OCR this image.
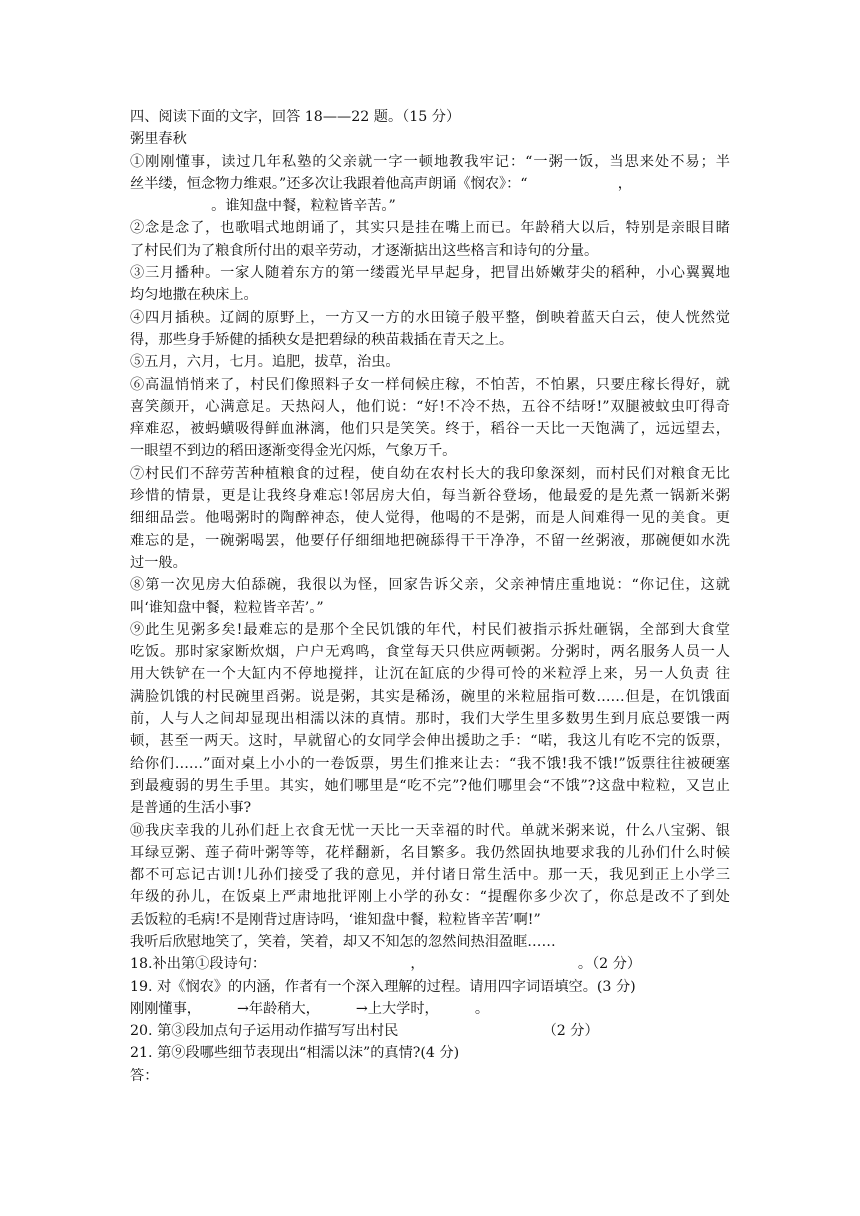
四、阅读下面的文字，回答 18——22 题。（15 分）
粥里春秋
①刚刚懂事，读过几年私塾的父亲就一字一顿地教我牢记：“一粥一饭，当思来处不易；半
丝半缕，恒念物力维艰。”还多次让我跟着他高声朗诵《悯农》：“                    ，
。谁知盘中餐，粒粒皆辛苦。”
②念是念了，也歌唱式地朗诵了，其实只是挂在嘴上而已。年龄稍大以后，特别是亲眼目睹
了村民们为了粮食所付出的艰辛劳动，才逐渐掂出这些格言和诗句的分量。
③三月播种。一家人随着东方的第一缕霞光早早起身，把冒出娇嫩芽尖的稻种，小心翼翼地
均匀地撒在秧床上。
④四月插秧。辽阔的原野上，一方又一方的水田镜子般平整，倒映着蓝天白云，使人恍然觉
得，那些身手矫健的插秧女是把碧绿的秧苗栽插在青天之上。
⑤五月，六月，七月。追肥，拔草，治虫。
⑥高温悄悄来了，村民们像照料子女一样伺候庄稼，不怕苦，不怕累，只要庄稼长得好，就
喜笑颜开，心满意足。天热闷人，他们说：“好!不冷不热，五谷不结呀!”双腿被蚊虫叮得奇
痒难忍，被蚂蟥吸得鲜血淋漓，他们只是笑笑。终于，稻谷一天比一天饱满了，远远望去，
一眼望不到边的稻田逐渐变得金光闪烁，气象万千。
⑦村民们不辞劳苦种植粮食的过程，使自幼在农村长大的我印象深刻，而村民们对粮食无比
珍惜的情景，更是让我终身难忘!邻居房大伯，每当新谷登场，他最爱的是先煮一锅新米粥
细细品尝。他喝粥时的陶醉神态，使人觉得，他喝的不是粥，而是人间难得一见的美食。更
难忘的是，一碗粥喝罢，他要仔仔细细地把碗舔得干干净净，不留一丝粥液，那碗便如水洗
过一般。
⑧第一次见房大伯舔碗，我很以为怪，回家告诉父亲，父亲神情庄重地说：“你记住，这就
叫‘谁知盘中餐，粒粒皆辛苦’。”
⑨此生见粥多矣!最难忘的是那个全民饥饿的年代，村民们被指示拆灶砸锅，全部到大食堂
吃饭。那时家家断炊烟，户户无鸡鸣，食堂每天只供应两顿粥。分粥时，两名服务人员一人
用大铁铲在一个大缸内不停地搅拌，让沉在缸底的少得可怜的米粒浮上来，另一人负责 往
满脸饥饿的村民碗里舀粥。说是粥，其实是稀汤，碗里的米粒屈指可数……但是，在饥饿面
前，人与人之间却显现出相濡以沫的真情。那时，我们大学生里多数男生到月底总要饿一两
顿，甚至一两天。这时，早就留心的女同学会伸出援助之手：“喏，我这儿有吃不完的饭票，
给你们……”面对桌上小小的一卷饭票，男生们推来让去：“我不饿!我不饿!”饭票往往被硬塞
到最瘦弱的男生手里。其实，她们哪里是“吃不完”?他们哪里会“不饿”?这盘中粒粒，又岂止
是普通的生活小事?
⑩我庆幸我的儿孙们赶上衣食无忧一天比一天幸福的时代。单就米粥来说，什么八宝粥、银
耳绿豆粥、莲子荷叶粥等等，花样翻新，名目繁多。我仍然固执地要求我的儿孙们什么时候
都不可忘记古训!儿孙们接受了我的意见，并付诸日常生活中。那一天，我见到正上小学三
年级的孙儿，在饭桌上严肃地批评刚上小学的孙女：“提醒你多少次了，你总是改不了到处
丢饭粒的毛病!不是刚背过唐诗吗，‘谁知盘中餐，粒粒皆辛苦’啊!”
我听后欣慰地笑了，笑着，笑着，却又不知怎的忽然间热泪盈眶……
18.补出第①段诗句：                                ，                                  。（2 分）
19. 对《悯农》的内涵，作者有一个深入理解的过程。请用四字词语填空。(3 分)
刚刚懂事，        →年龄稍大，        →上大学时，        。
20. 第③段加点句子运用动作描写写出村民                                （2 分）
21. 第⑨段哪些细节表现出“相濡以沫”的真情?(4 分)
答：
